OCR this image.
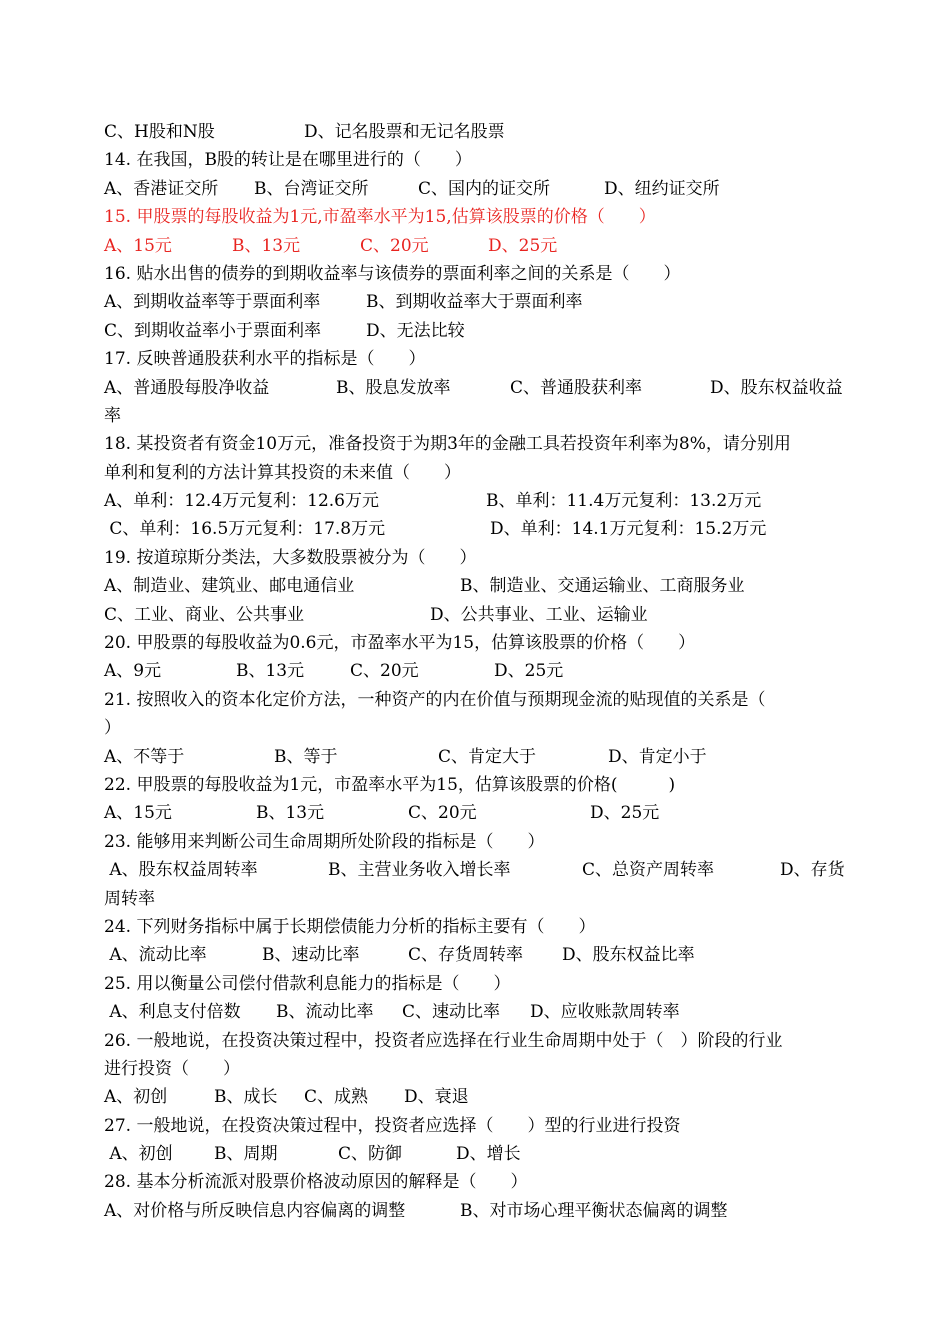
C、H股和N股	D、记名股票和无记名股票
14. 在我国，B股的转让是在哪里进行的（　　）
A、香港证交所 B、台湾证交所	C、国内的证交所	D、纽约证交所
15. 甲股票的每股收益为1元,市盈率水平为15,估算该股票的价格（　　）
A、15元	B、13元	C、20元	D、25元
16. 贴水出售的债券的到期收益率与该债券的票面利率之间的关系是（　　）
A、到期收益率等于票面利率	B、到期收益率大于票面利率
C、到期收益率小于票面利率	D、无法比较
17. 反映普通股获利水平的指标是（　　）
A、普通股每股净收益	B、股息发放率	C、普通股获利率	D、股东权益收益
率
18. 某投资者有资金10万元，准备投资于为期3年的金融工具若投资年利率为8%，请分别用
单利和复利的方法计算其投资的未来值（　　）
A、单利：12.4万元复利：12.6万元	B、单利：11.4万元复利：13.2万元
C、单利：16.5万元复利：17.8万元	D、单利：14.1万元复利：15.2万元
19. 按道琼斯分类法，大多数股票被分为（　　）
A、制造业、建筑业、邮电通信业	B、制造业、交通运输业、工商服务业
C、工业、商业、公共事业	D、公共事业、工业、运输业
20. 甲股票的每股收益为0.6元，市盈率水平为15，估算该股票的价格（　　）
A、9元	B、13元	C、20元	D、25元
21. 按照收入的资本化定价方法，一种资产的内在价值与预期现金流的贴现值的关系是（
）
A、不等于	B、等于	C、肯定大于	D、肯定小于
22. 甲股票的每股收益为1元，市盈率水平为15，估算该股票的价格(　　　)
A、15元	B、13元	C、20元	D、25元
23. 能够用来判断公司生命周期所处阶段的指标是（　　）
A、股东权益周转率	B、主营业务收入增长率	C、总资产周转率	D、存货
周转率
24. 下列财务指标中属于长期偿债能力分析的指标主要有（　　）
A、流动比率	B、速动比率	C、存货周转率 D、股东权益比率
25. 用以衡量公司偿付借款利息能力的指标是（　　）
A、利息支付倍数 B、流动比率 C、速动比率 D、应收账款周转率
26. 一般地说，在投资决策过程中，投资者应选择在行业生命周期中处于（　）阶段的行业
进行投资（　　）
A、初创	B、成长 C、成熟 D、衰退
27. 一般地说，在投资决策过程中，投资者应选择（　　）型的行业进行投资
A、初创 B、周期	C、防御	D、增长
28. 基本分析流派对股票价格波动原因的解释是（　　）
A、对价格与所反映信息内容偏离的调整	B、对市场心理平衡状态偏离的调整
